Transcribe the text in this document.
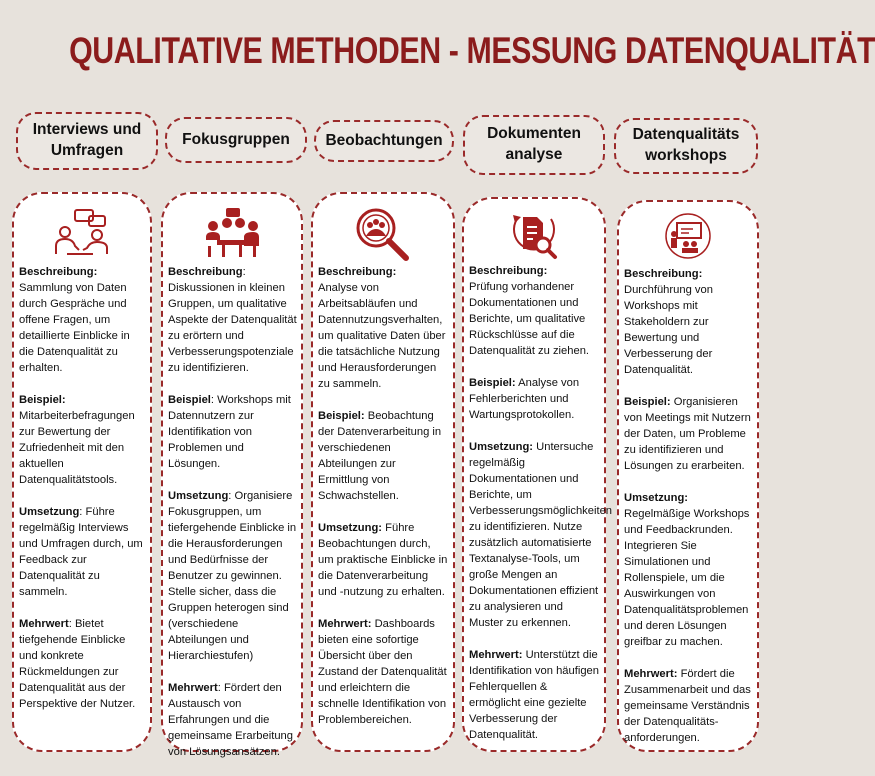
QUALITATIVE METHODEN - MESSUNG DATENQUALITÄT
Interviews und
Umfragen
Fokusgruppen Beobachtungen	Dokumenten
analyse
Datenqualitäts
workshops

Beschreibung:
Sammlung von Daten durch Gespräche und offene Fragen, um detaillierte Einblicke in die Datenqualität zu erhalten.

Beispiel:
Mitarbeiterbefragungen zur Bewertung der Zufriedenheit mit den aktuellen Datenqualitätstools.

Umsetzung: Führe regelmäßig Interviews und Umfragen durch, um Feedback zur Datenqualität zu sammeln.

Mehrwert: Bietet tiefgehende Einblicke und konkrete Rückmeldungen zur Datenqualität aus der Perspektive der Nutzer.

Beschreibung: Diskussionen in kleinen Gruppen, um qualitative Aspekte der Datenqualität zu erörtern und Verbesserungspotenziale zu identifizieren.

Beispiel: Workshops mit Datennutzern zur Identifikation von Problemen und Lösungen.

Umsetzung: Organisiere Fokusgruppen, um tiefergehende Einblicke in die Herausforderungen und Bedürfnisse der Benutzer zu gewinnen. Stelle sicher, dass die Gruppen heterogen sind (verschiedene Abteilungen und Hierarchiestufen)

Mehrwert: Fördert den Austausch von Erfahrungen und die gemeinsame Erarbeitung von Lösungsansätzen.

Beschreibung:
Analyse von Arbeitsabläufen und Datennutzungsverhalten, um qualitative Daten über die tatsächliche Nutzung und Herausforderungen zu sammeln.

Beispiel: Beobachtung der Datenverarbeitung in verschiedenen Abteilungen zur Ermittlung von Schwachstellen.

Umsetzung: Führe Beobachtungen durch, um praktische Einblicke in die Datenverarbeitung und -nutzung zu erhalten.

Mehrwert: Dashboards bieten eine sofortige Übersicht über den Zustand der Datenqualität und erleichtern die schnelle Identifikation von Problembereichen.

Beschreibung:
Prüfung vorhandener Dokumentationen und Berichte, um qualitative Rückschlüsse auf die Datenqualität zu ziehen.

Beispiel: Analyse von Fehlerberichten und Wartungsprotokollen.

Umsetzung: Untersuche regelmäßig Dokumentationen und Berichte, um Verbesserungsmöglichkeiten zu identifizieren. Nutze zusätzlich automatisierte Textanalyse-Tools, um große Mengen an Dokumentationen effizient zu analysieren und Muster zu erkennen.

Mehrwert: Unterstützt die Identifikation von häufigen Fehlerquellen & ermöglicht eine gezielte Verbesserung der Datenqualität.

Beschreibung:
Durchführung von Workshops mit Stakeholdern zur Bewertung und Verbesserung der Datenqualität.

Beispiel: Organisieren von Meetings mit Nutzern der Daten, um Probleme zu identifizieren und Lösungen zu erarbeiten.

Umsetzung: Regelmäßige Workshops und Feedbackrunden. Integrieren Sie Simulationen und Rollenspiele, um die Auswirkungen von Datenqualitätsproblemen und deren Lösungen greifbar zu machen.

Mehrwert: Fördert die Zusammenarbeit und das gemeinsame Verständnis der Datenqualitäts-anforderungen.
